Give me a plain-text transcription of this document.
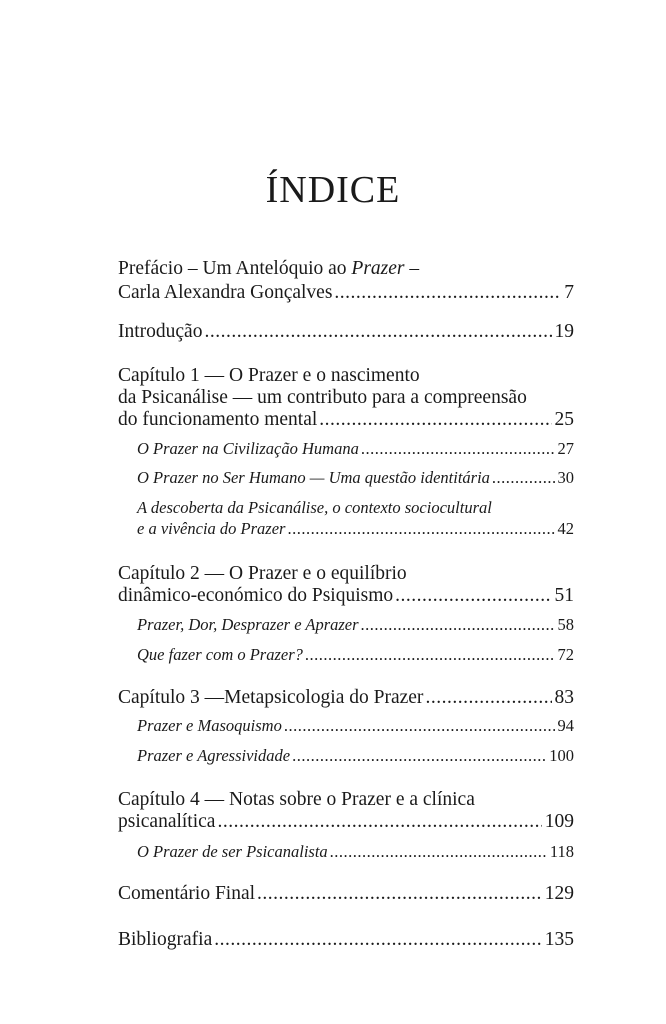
ÍNDICE
Prefácio – Um Antelóquio ao Prazer –
Carla Alexandra Gonçalves .....	7
Introdução .....	19
Capítulo 1 — O Prazer e o nascimento
da Psicanálise — um contributo para a compreensão
do funcionamento mental .....	25
O Prazer na Civilização Humana .....	27
O Prazer no Ser Humano — Uma questão identitária .....	30
A descoberta da Psicanálise, o contexto sociocultural
e a vivência do Prazer .....	42
Capítulo 2 — O Prazer e o equilíbrio
dinâmico-económico do Psiquismo .....	51
Prazer, Dor, Desprazer e Aprazer .....	58
Que fazer com o Prazer? .....	72
Capítulo 3 —Metapsicologia do Prazer .....	83
Prazer e Masoquismo .....	94
Prazer e Agressividade .....	100
Capítulo 4 — Notas sobre o Prazer e a clínica
psicanalítica .....	109
O Prazer de ser Psicanalista .....	118
Comentário Final .....	129
Bibliografia .....	135
